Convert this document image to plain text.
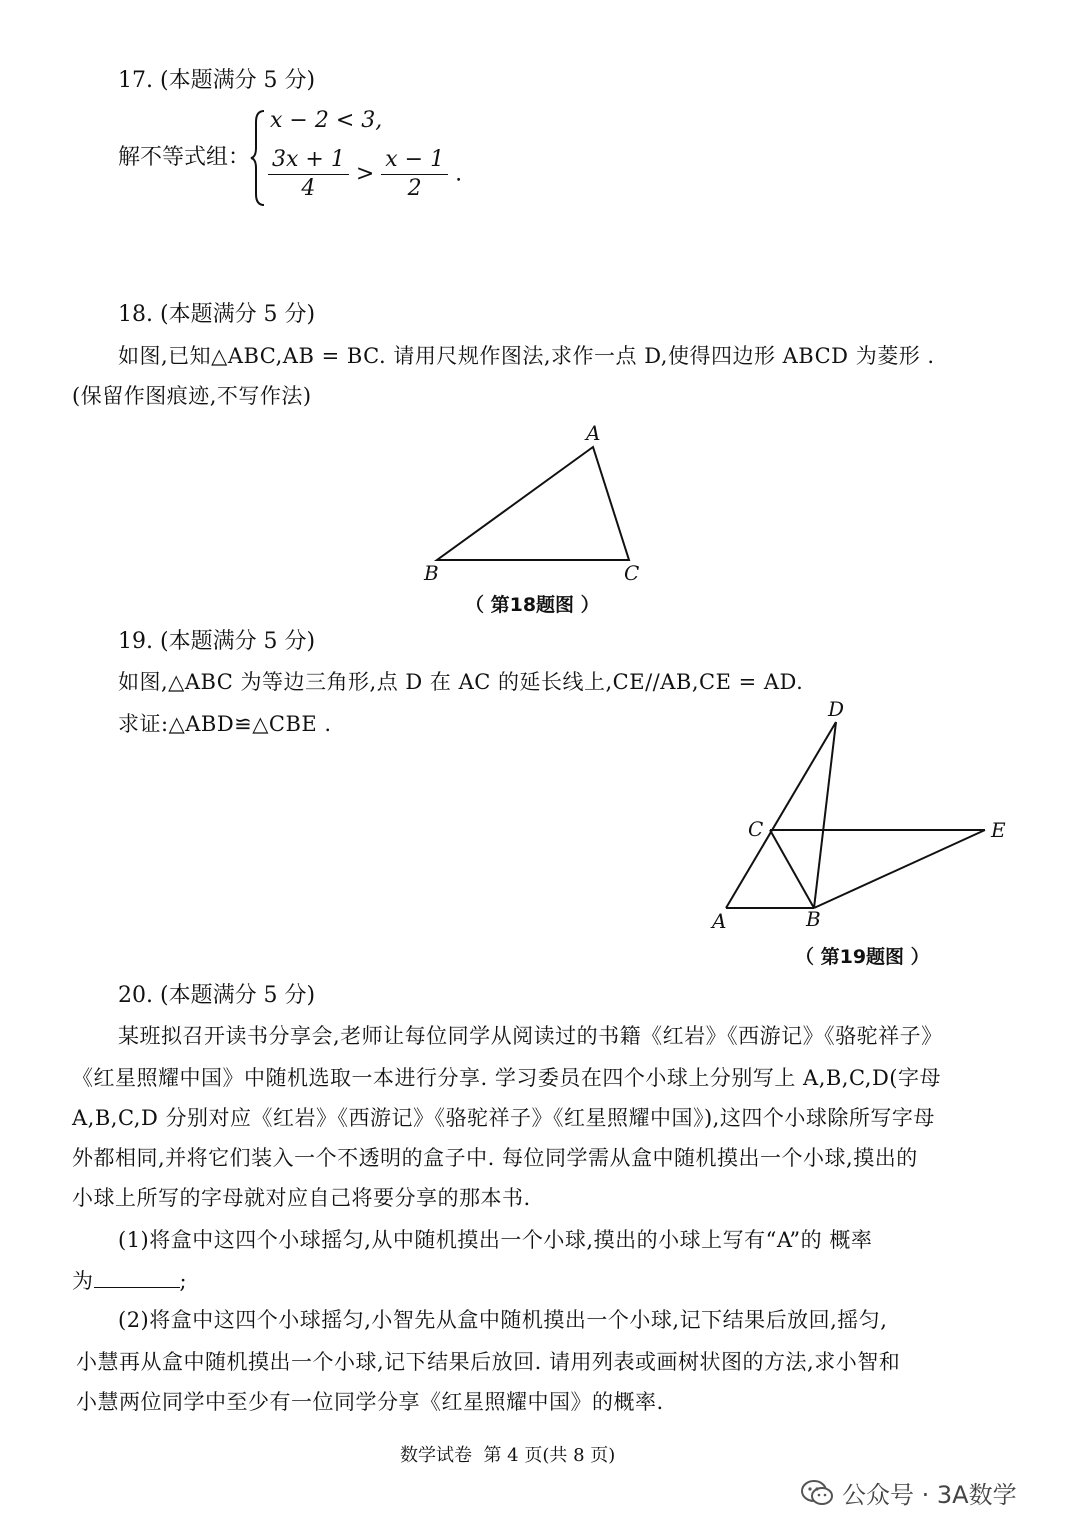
17. (本题满分 5 分)
解不等式组：
x − 2 < 3,
$\frac{3x + 1}{4} > \frac{x - 1}{2}$ .
18. (本题满分 5 分)
如图,已知△ABC,AB = BC. 请用尺规作图法,求作一点 D,使得四边形 ABCD 为菱形 .
(保留作图痕迹,不写作法)
A
B	C
（ 第18题图 ）
19. (本题满分 5 分)
如图,△ABC 为等边三角形,点 D 在 AC 的延长线上,CE//AB,CE = AD.
求证:△ABD≌△CBE .
D
C	E
A	B
（ 第19题图 ）
20. (本题满分 5 分)
某班拟召开读书分享会,老师让每位同学从阅读过的书籍《红岩》《西游记》《骆驼祥子》
《红星照耀中国》中随机选取一本进行分享. 学习委员在四个小球上分别写上 A,B,C,D(字母
A,B,C,D 分别对应《红岩》《西游记》《骆驼祥子》《红星照耀中国》),这四个小球除所写字母
外都相同,并将它们装入一个不透明的盒子中. 每位同学需从盒中随机摸出一个小球,摸出的
小球上所写的字母就对应自己将要分享的那本书.
(1)将盒中这四个小球摇匀,从中随机摸出一个小球,摸出的小球上写有“A”的 概率
为	;
(2)将盒中这四个小球摇匀,小智先从盒中随机摸出一个小球,记下结果后放回,摇匀,
小慧再从盒中随机摸出一个小球,记下结果后放回. 请用列表或画树状图的方法,求小智和
小慧两位同学中至少有一位同学分享《红星照耀中国》的概率.
数学试卷  第 4 页(共 8 页)
公众号 · 3A数学
